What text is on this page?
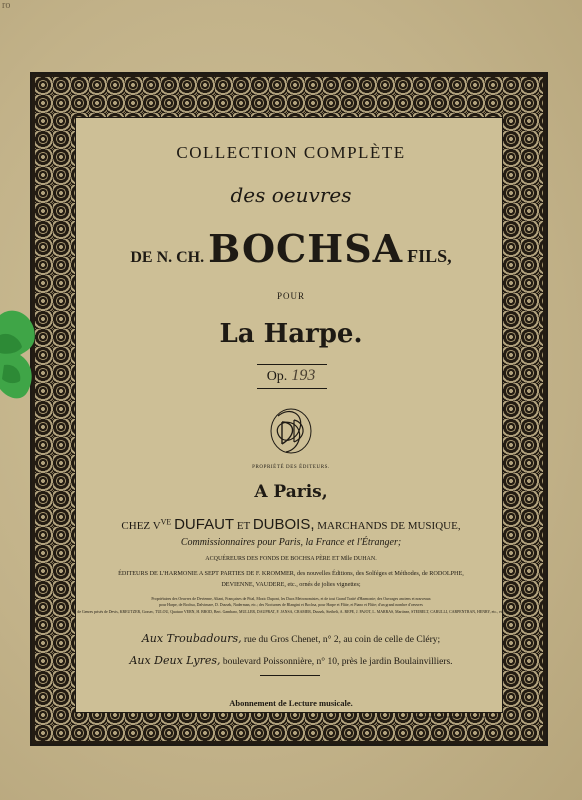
ro
COLLECTION COMPLÈTE
des oeuvres
DE N. CH. BOCHSA FILS,
POUR
La Harpe.
Op. 193
PROPRIÉTÉ DES ÉDITEURS.
A Paris,
CHEZ $V^{VE}$ DUFAUT ET DUBOIS, MARCHANDS DE MUSIQUE,
Commissionnaires pour Paris, la France et l'Étranger;
ACQUÉREURS DES FONDS DE BOCHSA PÈRE ET Mlle DUHAN.
ÉDITEURS DE L'HARMONIE A SEPT PARTIES DE F. KROMMER, des nouvelles Éditions, des Solféges et Méthodes, de RODOLPHE,
DEVIENNE, VAUDERE, etc., ornés de jolies vignettes;
Propriétaires des Oeuvres de Devienne, Aliani, Françaises de Pital, Mozic Dupont, les Duos Metronomistes, et de tout Grand Traité d'Harmonie; des Ouvrages anciens et nouveaux
pour Harpe, de Bochsa, Dalvimare, D. Dussek, Naderman, etc.; des Nocturnes de Blangini et Bochsa, pour Harpe et Flûte, et Piano et Flûte; d'un grand nombre d'oeuvres
de Genres prisés de Devis, KREUTZER, Gossec, TULOU, Quatuor VERN, H. BROD, Bert. Gambaro, MULLER, DAUPRAT, F. JANSA, CRAMER, Dussek, Steibelt, A. REPE, J. PAJOT, L. MARRAS, Martinez, STEIBELT, CARULLI, CARPENTRAN, HENRY, etc., etc.
Aux Troubadours, rue du Gros Chenet, n° 2, au coin de celle de Cléry;
Aux Deux Lyres, boulevard Poissonnière, n° 10, près le jardin Boulainvilliers.
Abonnement de Lecture musicale.
IMPRIMERIE DE FIRMIN DIDOT, RUE JACOB, n° 24.
